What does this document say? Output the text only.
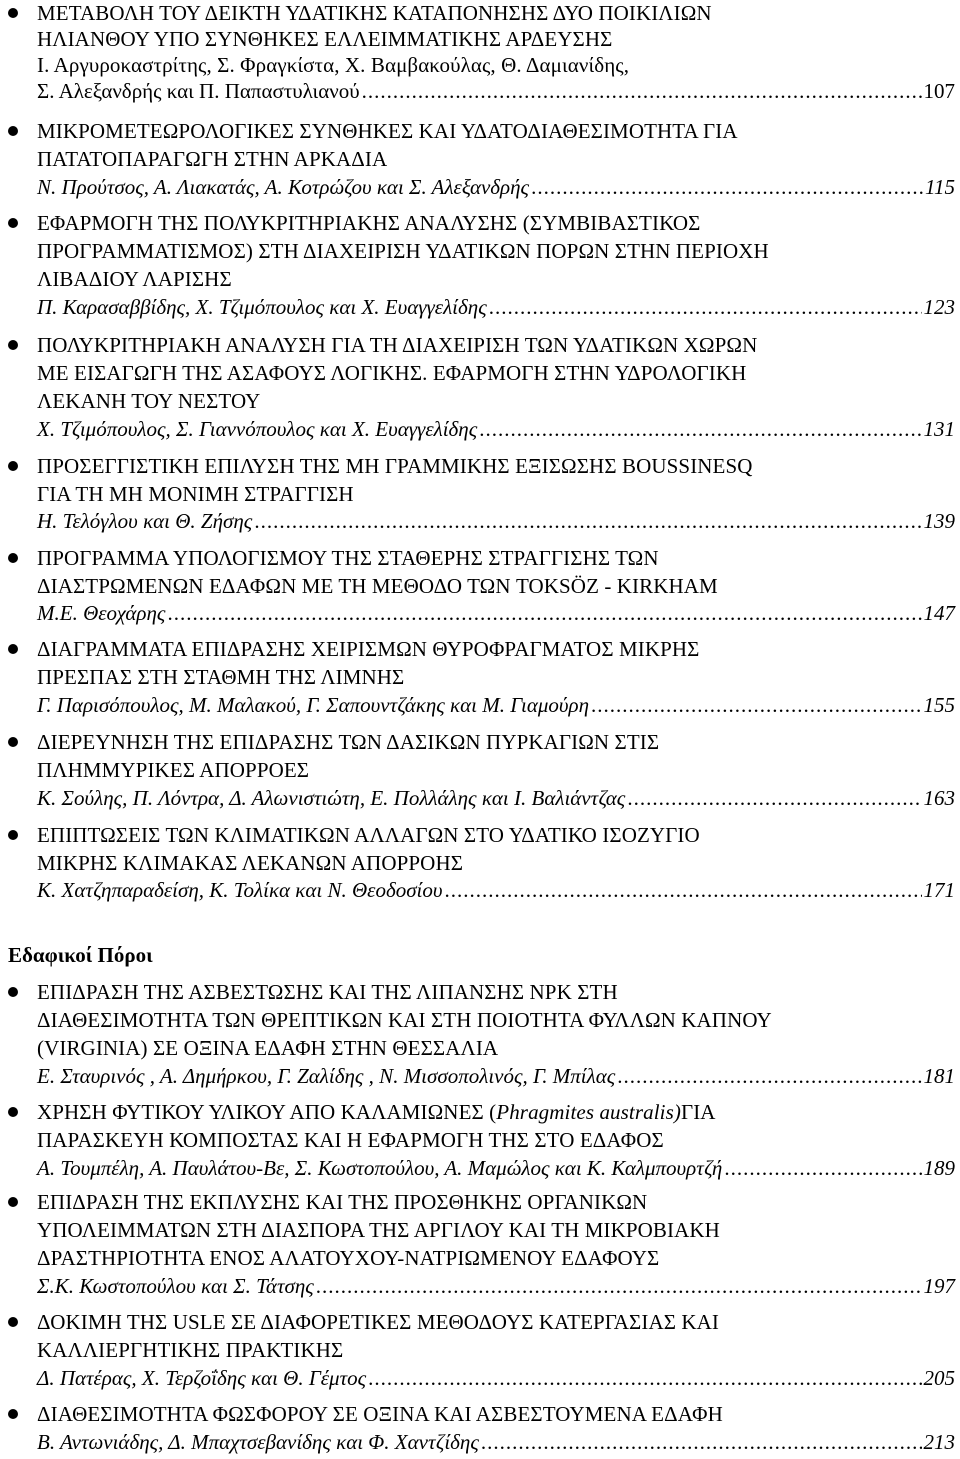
ΜΕΤΑΒΟΛΗ ΤΟΥ ΔΕΙΚΤΗ ΥΔΑΤΙΚΗΣ ΚΑΤΑΠΟΝΗΣΗΣ ΔΥΟ ΠΟΙΚΙΛΙΩΝ
ΗΛΙΑΝΘΟΥ ΥΠΟ ΣΥΝΘΗΚΕΣ ΕΛΛΕΙΜΜΑΤΙΚΗΣ ΑΡΔΕΥΣΗΣ
Ι. Αργυροκαστρίτης, Σ. Φραγκίστα, Χ. Βαμβακούλας, Θ. Δαμιανίδης,
Σ. Αλεξανδρής και Π. Παπαστυλιανού .....	107
ΜΙΚΡΟΜΕΤΕΩΡΟΛΟΓΙΚΕΣ ΣΥΝΘΗΚΕΣ ΚΑΙ ΥΔΑΤΟΔΙΑΘΕΣΙΜΟΤΗΤΑ ΓΙΑ
ΠΑΤΑΤΟΠΑΡΑΓΩΓΗ ΣΤΗΝ ΑΡΚΑΔΙΑ
Ν. Προύτσος, Α. Λιακατάς, Α. Κοτρώζου και Σ. Αλεξανδρής .....	115
ΕΦΑΡΜΟΓΗ ΤΗΣ ΠΟΛΥΚΡΙΤΗΡΙΑΚΗΣ ΑΝΑΛΥΣΗΣ (ΣΥΜΒΙΒΑΣΤΙΚΟΣ
ΠΡΟΓΡΑΜΜΑΤΙΣΜΟΣ) ΣΤΗ ΔΙΑΧΕΙΡΙΣΗ ΥΔΑΤΙΚΩΝ ΠΟΡΩΝ ΣΤΗΝ ΠΕΡΙΟΧΗ
ΛΙΒΑΔΙΟΥ ΛΑΡΙΣΗΣ
Π. Καρασαββίδης, Χ. Τζιμόπουλος και Χ. Ευαγγελίδης .....	123
ΠΟΛΥΚΡΙΤΗΡΙΑΚΗ ΑΝΑΛΥΣΗ ΓΙΑ ΤΗ ΔΙΑΧΕΙΡΙΣΗ ΤΩΝ ΥΔΑΤΙΚΩΝ ΧΩΡΩΝ
ΜΕ ΕΙΣΑΓΩΓΗ ΤΗΣ ΑΣΑΦΟΥΣ ΛΟΓΙΚΗΣ. ΕΦΑΡΜΟΓΗ ΣΤΗΝ ΥΔΡΟΛΟΓΙΚΗ
ΛΕΚΑΝΗ ΤΟΥ ΝΕΣΤΟΥ
Χ. Τζιμόπουλος, Σ. Γιαννόπουλος και Χ. Ευαγγελίδης .....	131
ΠΡΟΣΕΓΓΙΣΤΙΚΗ ΕΠΙΛΥΣΗ ΤΗΣ ΜΗ ΓΡΑΜΜΙΚΗΣ ΕΞΙΣΩΣΗΣ BOUSSINESQ
ΓΙΑ ΤΗ ΜΗ ΜΟΝΙΜΗ ΣΤΡΑΓΓΙΣΗ
Η. Τελόγλου και Θ. Ζήσης .....	139
ΠΡΟΓΡΑΜΜΑ ΥΠΟΛΟΓΙΣΜΟΥ ΤΗΣ ΣΤΑΘΕΡΗΣ ΣΤΡΑΓΓΙΣΗΣ ΤΩΝ
ΔΙΑΣΤΡΩΜΕΝΩΝ ΕΔΑΦΩΝ ΜΕ ΤΗ ΜΕΘΟΔΟ ΤΩΝ TOKSÖZ - KIRKHAM
Μ.Ε. Θεοχάρης .....	147
ΔΙΑΓΡΑΜΜΑΤΑ ΕΠΙΔΡΑΣΗΣ ΧΕΙΡΙΣΜΩΝ ΘΥΡΟΦΡΑΓΜΑΤΟΣ ΜΙΚΡΗΣ
ΠΡΕΣΠΑΣ ΣΤΗ ΣΤΑΘΜΗ ΤΗΣ ΛΙΜΝΗΣ
Γ. Παρισόπουλος, Μ. Μαλακού, Γ. Σαπουντζάκης και Μ. Γιαμούρη .....	155
ΔΙΕΡΕΥΝΗΣΗ ΤΗΣ ΕΠΙΔΡΑΣΗΣ ΤΩΝ ΔΑΣΙΚΩΝ ΠΥΡΚΑΓΙΩΝ ΣΤΙΣ
ΠΛΗΜΜΥΡΙΚΕΣ ΑΠΟΡΡΟΕΣ
Κ. Σούλης, Π. Λόντρα, Δ. Αλωνιστιώτη, Ε. Πολλάλης και Ι. Βαλιάντζας .....	163
ΕΠΙΠΤΩΣΕΙΣ ΤΩΝ ΚΛΙΜΑΤΙΚΩΝ ΑΛΛΑΓΩΝ ΣΤΟ ΥΔΑΤΙΚΟ ΙΣΟΖΥΓΙΟ
ΜΙΚΡΗΣ ΚΛΙΜΑΚΑΣ ΛΕΚΑΝΩΝ ΑΠΟΡΡΟΗΣ
Κ. Χατζηπαραδείση, Κ. Τολίκα και Ν. Θεοδοσίου .....	171
Εδαφικοί Πόροι
ΕΠΙΔΡΑΣΗ ΤΗΣ ΑΣΒΕΣΤΩΣΗΣ ΚΑΙ ΤΗΣ ΛΙΠΑΝΣΗΣ NPK ΣΤΗ
ΔΙΑΘΕΣΙΜΟΤΗΤΑ ΤΩΝ ΘΡΕΠΤΙΚΩΝ ΚΑΙ ΣΤΗ ΠΟΙΟΤΗΤΑ ΦΥΛΛΩΝ ΚΑΠΝΟΥ
(VIRGINIA) ΣΕ ΟΞΙΝΑ ΕΔΑΦΗ ΣΤΗΝ ΘΕΣΣΑΛΙΑ
Ε. Σταυρινός , Α. Δημήρκου, Γ. Ζαλίδης , Ν. Μισσοπολινός, Γ. Μπίλας .....	181
ΧΡΗΣΗ ΦΥΤΙΚΟΥ ΥΛΙΚΟΥ ΑΠΟ ΚΑΛΑΜΙΩΝΕΣ (Phragmites australis)ΓΙΑ
ΠΑΡΑΣΚΕΥΗ ΚΟΜΠΟΣΤΑΣ ΚΑΙ Η ΕΦΑΡΜΟΓΗ ΤΗΣ ΣΤΟ ΕΔΑΦΟΣ
Α. Τουμπέλη, Α. Παυλάτου-Βε, Σ. Κωστοπούλου, Α. Μαμώλος και Κ. Καλμπουρτζή .....	189
ΕΠΙΔΡΑΣΗ ΤΗΣ ΕΚΠΛΥΣΗΣ ΚΑΙ ΤΗΣ ΠΡΟΣΘΗΚΗΣ ΟΡΓΑΝΙΚΩΝ
ΥΠΟΛΕΙΜΜΑΤΩΝ ΣΤΗ ΔΙΑΣΠΟΡΑ ΤΗΣ ΑΡΓΙΛΟΥ ΚΑΙ ΤΗ ΜΙΚΡΟΒΙΑΚΗ
ΔΡΑΣΤΗΡΙΟΤΗΤΑ ΕΝΟΣ ΑΛΑΤΟΥΧΟΥ-ΝΑΤΡΙΩΜΕΝΟΥ ΕΔΑΦΟΥΣ
Σ.Κ. Κωστοπούλου και Σ. Τάτσης .....	197
ΔΟΚΙΜΗ ΤΗΣ USLE ΣΕ ΔΙΑΦΟΡΕΤΙΚΕΣ ΜΕΘΟΔΟΥΣ ΚΑΤΕΡΓΑΣΙΑΣ ΚΑΙ
ΚΑΛΛΙΕΡΓΗΤΙΚΗΣ ΠΡΑΚΤΙΚΗΣ
Δ. Πατέρας, Χ. Τερζοΐδης και Θ. Γέμτος .....	205
ΔΙΑΘΕΣΙΜΟΤΗΤΑ ΦΩΣΦΟΡΟΥ ΣΕ ΟΞΙΝΑ ΚΑΙ ΑΣΒΕΣΤΟΥΜΕΝΑ ΕΔΑΦΗ
Β. Αντωνιάδης, Δ. Μπαχτσεβανίδης και Φ. Χαντζίδης .....	213
